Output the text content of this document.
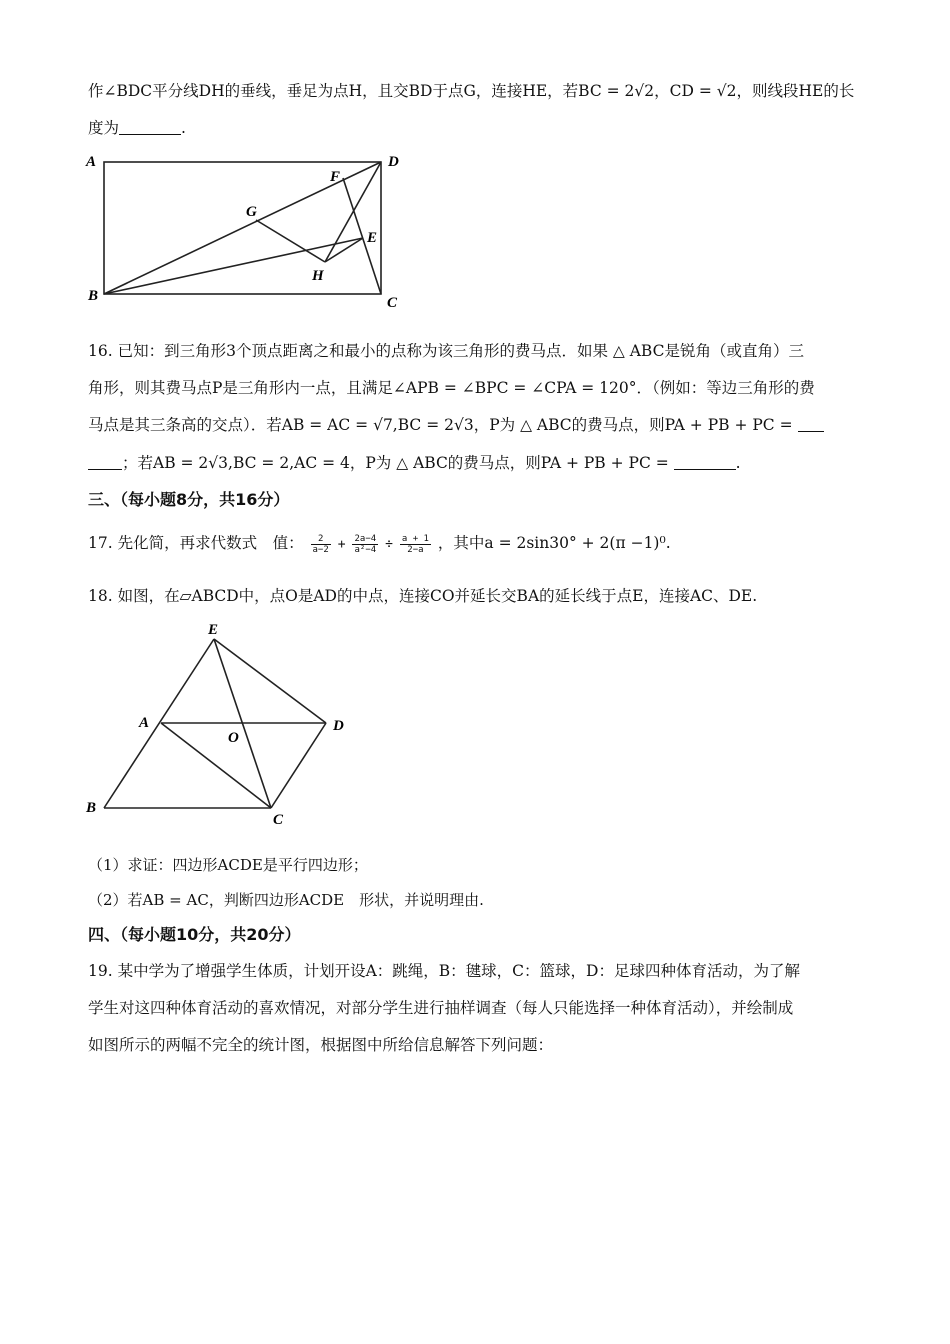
作∠BDC平分线DH的垂线，垂足为点H，且交BD于点G，连接HE，若BC = 2√2，CD = √2，则线段HE的长
度为	.
A
B	C
D
E
F
G
H
16. 已知：到三角形3个顶点距离之和最小的点称为该三角形的费马点．如果 △ ABC是锐角（或直角）三
角形，则其费马点P是三角形内一点，且满足∠APB = ∠BPC = ∠CPA = 120°．（例如：等边三角形的费
马点是其三条高的交点）．若AB = AC = √7,BC = 2√3，P为 △ ABC的费马点，则PA + PB + PC =
；若AB = 2√3,BC = 2,AC = 4，P为 △ ABC的费马点，则PA + PB + PC =	.
三、（每小题8分，共16分）
17. 先化简，再求代数式　值： $\frac{2}{a-2} + \frac{2a-4}{\text{a²−4}} \div \frac{a + 1}{2-a}$ ，其中a = 2sin30° + 2(π −1)⁰.
18. 如图，在▱ABCD中，点O是AD的中点，连接CO并延长交BA的延长线于点E，连接AC、DE.
E
A	D
O
B
C
（1）求证：四边形ACDE是平行四边形；
（2）若AB = AC，判断四边形ACDE　形状，并说明理由.
四、（每小题10分，共20分）
19. 某中学为了增强学生体质，计划开设A：跳绳，B：毽球，C：篮球，D：足球四种体育活动，为了解
学生对这四种体育活动的喜欢情况，对部分学生进行抽样调查（每人只能选择一种体育活动），并绘制成
如图所示的两幅不完全的统计图，根据图中所给信息解答下列问题：
